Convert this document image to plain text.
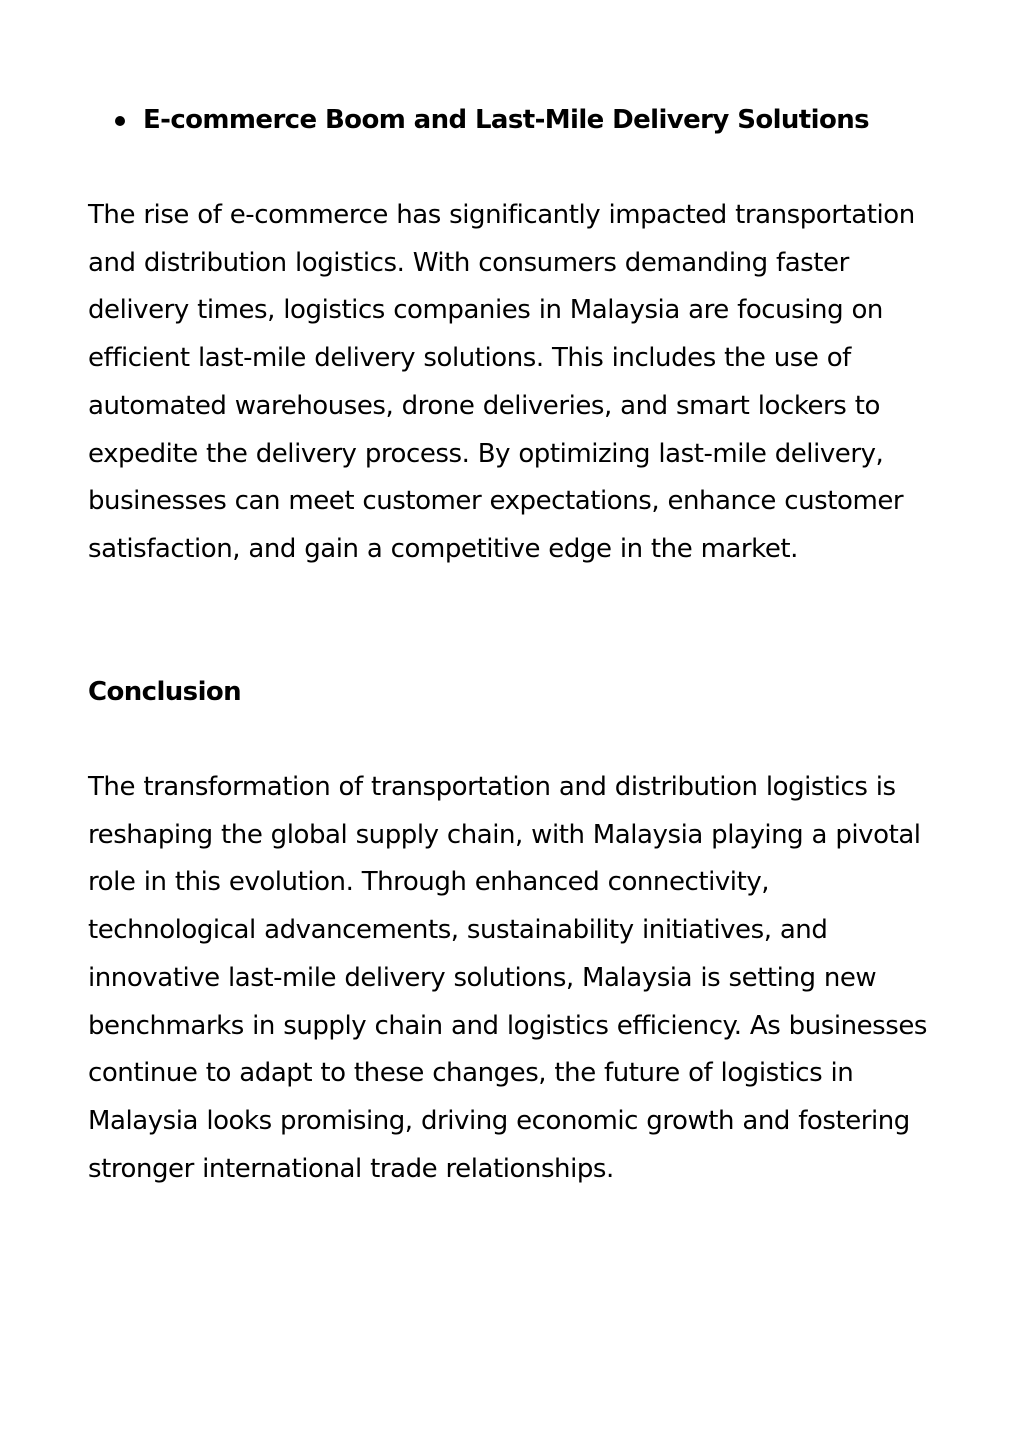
E-commerce Boom and Last-Mile Delivery Solutions

The rise of e-commerce has significantly impacted transportation and distribution logistics. With consumers demanding faster delivery times, logistics companies in Malaysia are focusing on efficient last-mile delivery solutions. This includes the use of automated warehouses, drone deliveries, and smart lockers to expedite the delivery process. By optimizing last-mile delivery, businesses can meet customer expectations, enhance customer satisfaction, and gain a competitive edge in the market.

Conclusion

The transformation of transportation and distribution logistics is reshaping the global supply chain, with Malaysia playing a pivotal role in this evolution. Through enhanced connectivity, technological advancements, sustainability initiatives, and innovative last-mile delivery solutions, Malaysia is setting new benchmarks in supply chain and logistics efficiency. As businesses continue to adapt to these changes, the future of logistics in Malaysia looks promising, driving economic growth and fostering stronger international trade relationships.
